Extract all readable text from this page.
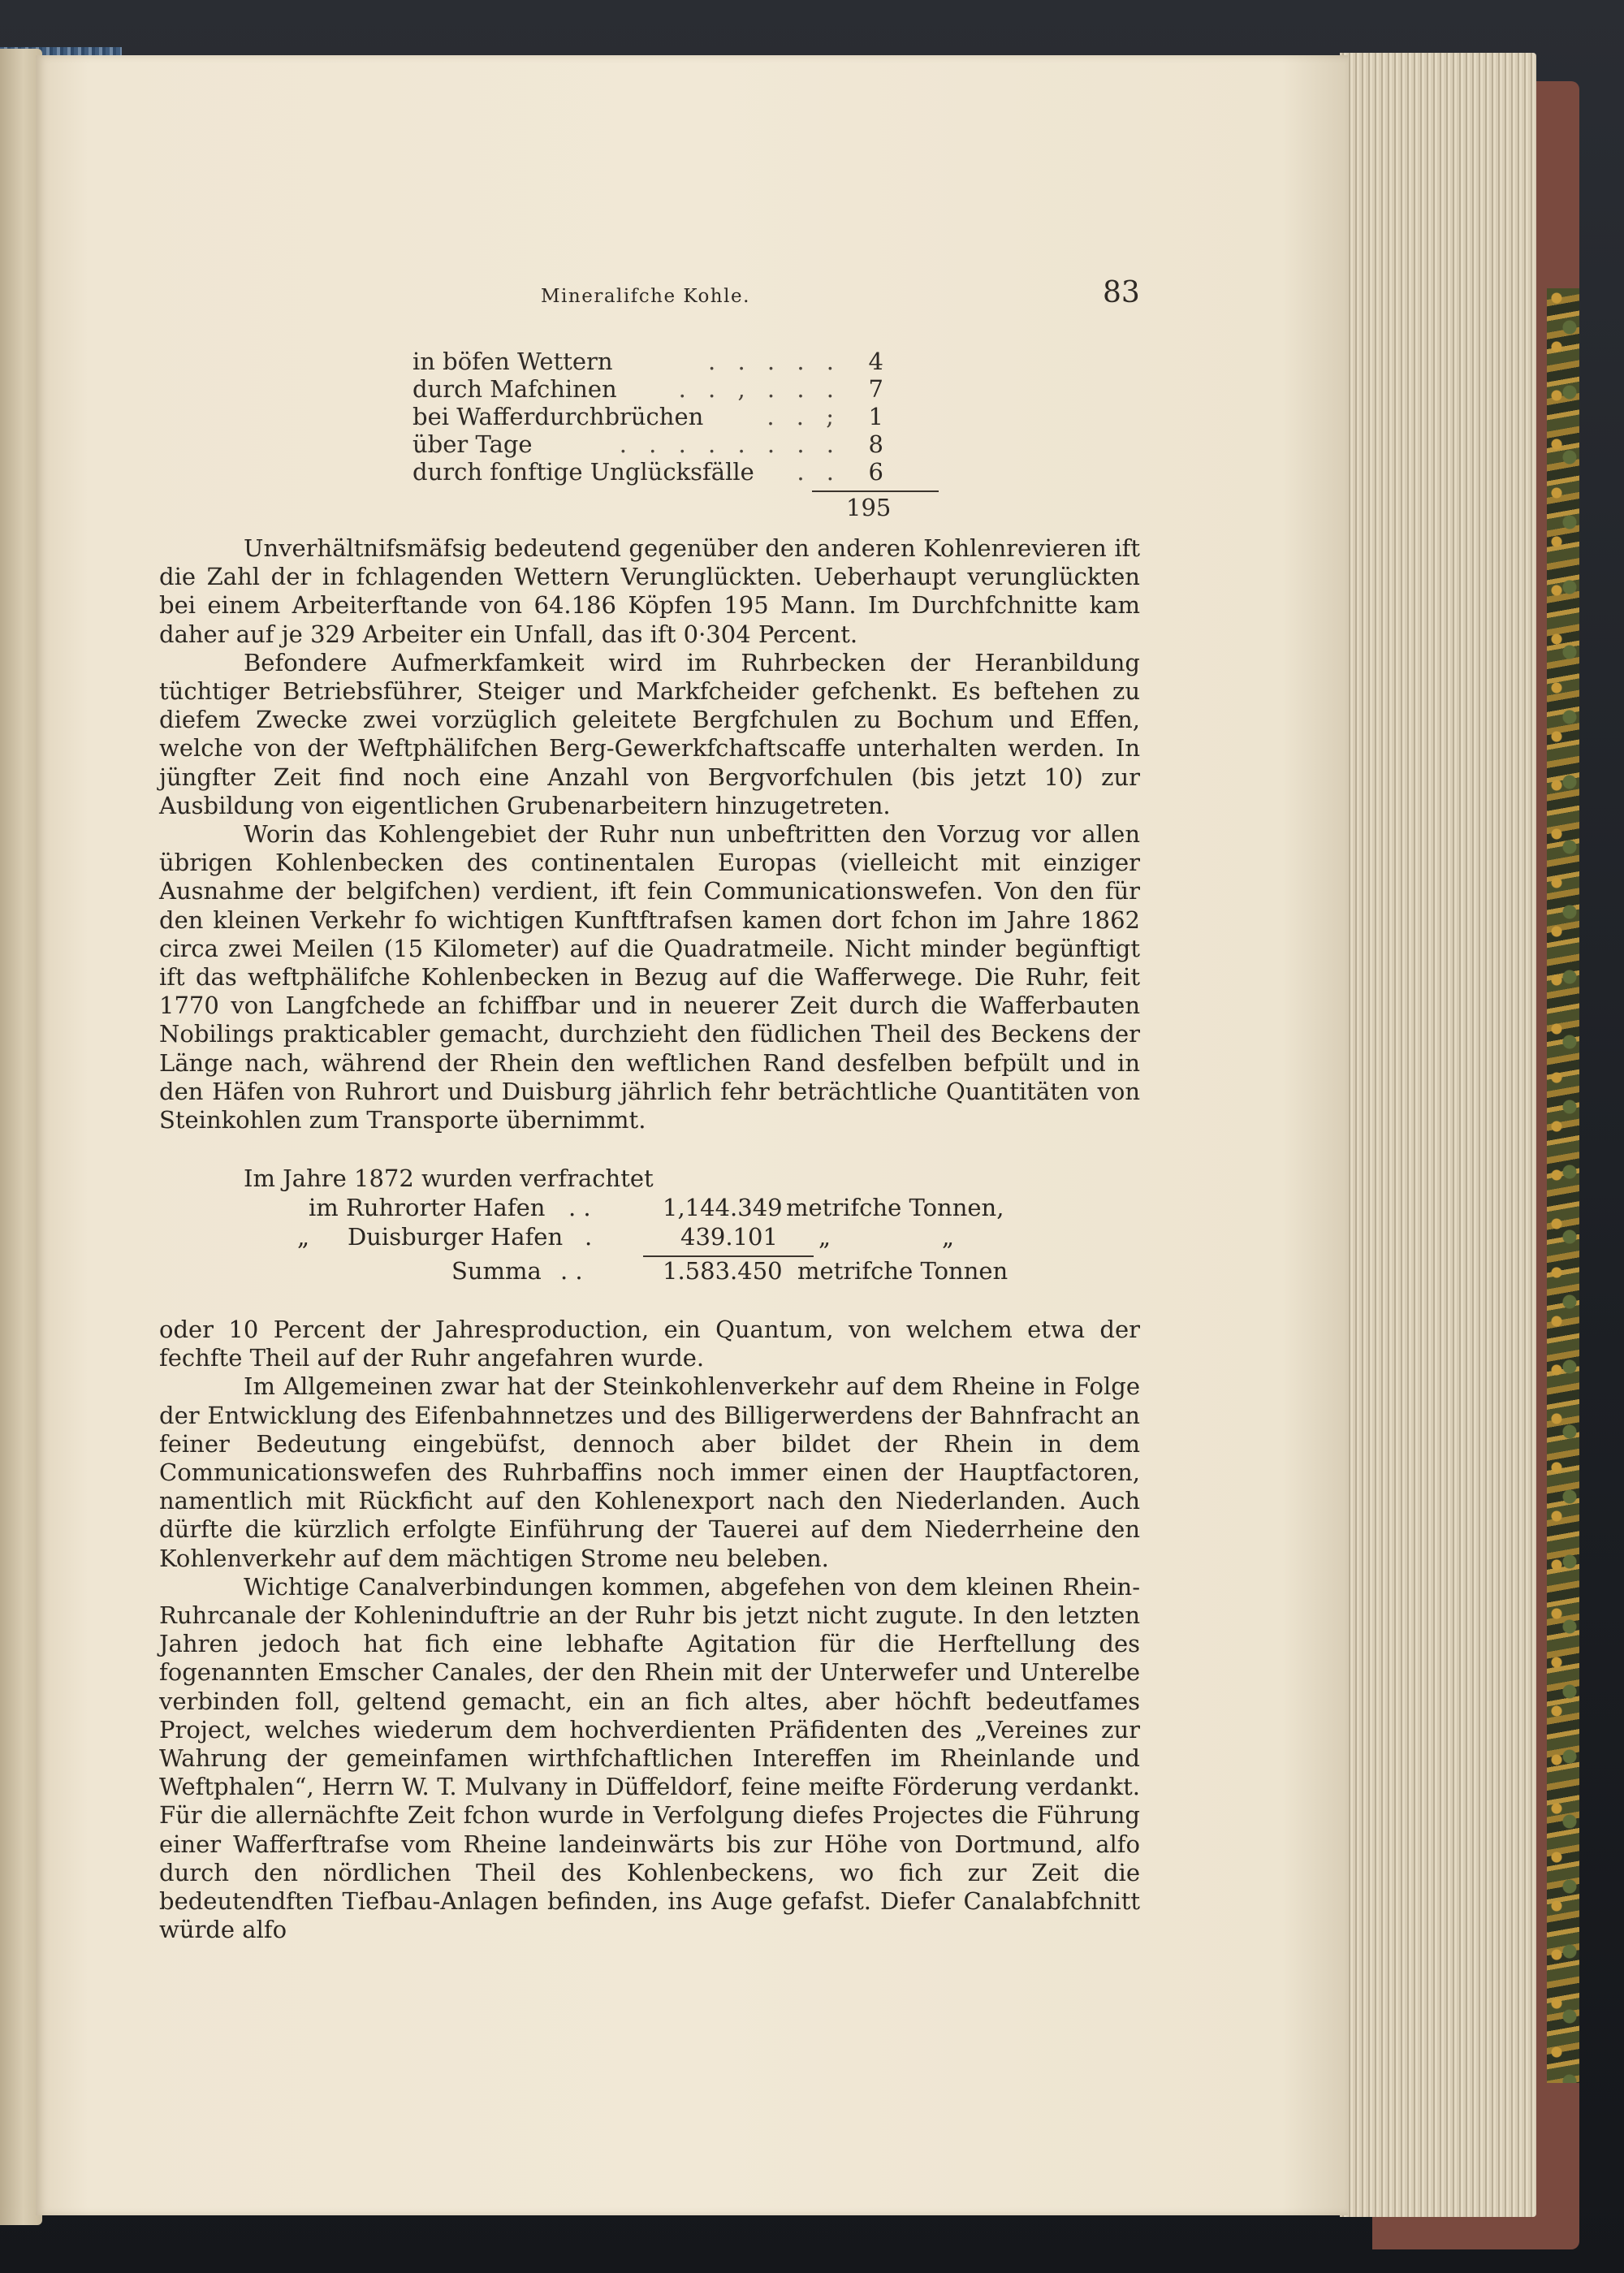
Mineralifche Kohle.	83
in böfen Wettern	. . . . .	4
durch Mafchinen	. . , . . .	7
bei Wafferdurchbrüchen	. . ;	1
über Tage	. . . . . . . .	8
durch fonftige Unglücksfälle	. .	6
195

Unverhältnifsmäfsig bedeutend gegenüber den anderen Kohlenrevieren ift die Zahl der in fchlagenden Wettern Verunglückten. Ueberhaupt verunglückten bei einem Arbeiterftande von 64.186 Köpfen 195 Mann. Im Durchfchnitte kam daher auf je 329 Arbeiter ein Unfall, das ift 0·304 Percent.

Befondere Aufmerkfamkeit wird im Ruhrbecken der Heranbildung tüchtiger Betriebsführer, Steiger und Markfcheider gefchenkt. Es beftehen zu diefem Zwecke zwei vorzüglich geleitete Bergfchulen zu Bochum und Effen, welche von der Weftphälifchen Berg-Gewerkfchaftscaffe unterhalten werden. In jüngfter Zeit find noch eine Anzahl von Bergvorfchulen (bis jetzt 10) zur Ausbildung von eigentlichen Grubenarbeitern hinzugetreten.

Worin das Kohlengebiet der Ruhr nun unbeftritten den Vorzug vor allen übrigen Kohlenbecken des continentalen Europas (vielleicht mit einziger Ausnahme der belgifchen) verdient, ift fein Communicationswefen. Von den für den kleinen Verkehr fo wichtigen Kunftftrafsen kamen dort fchon im Jahre 1862 circa zwei Meilen (15 Kilometer) auf die Quadratmeile. Nicht minder begünftigt ift das weftphälifche Kohlenbecken in Bezug auf die Wafferwege. Die Ruhr, feit 1770 von Langfchede an fchiffbar und in neuerer Zeit durch die Wafferbauten Nobilings prakticabler gemacht, durchzieht den füdlichen Theil des Beckens der Länge nach, während der Rhein den weftlichen Rand desfelben befpült und in den Häfen von Ruhrort und Duisburg jährlich fehr beträchtliche Quantitäten von Steinkohlen zum Transporte übernimmt.

Im Jahre 1872 wurden verfrachtet
im Ruhrorter Hafen . .	1,144.349 metrifche Tonnen,
„ Duisburger Hafen .	439.101 „	„
Summa . .	1.583.450 metrifche Tonnen

oder 10 Percent der Jahresproduction, ein Quantum, von welchem etwa der fechfte Theil auf der Ruhr angefahren wurde.

Im Allgemeinen zwar hat der Steinkohlenverkehr auf dem Rheine in Folge der Entwicklung des Eifenbahnnetzes und des Billigerwerdens der Bahnfracht an feiner Bedeutung eingebüfst, dennoch aber bildet der Rhein in dem Communicationswefen des Ruhrbaffins noch immer einen der Hauptfactoren, namentlich mit Rückficht auf den Kohlenexport nach den Niederlanden. Auch dürfte die kürzlich erfolgte Einführung der Tauerei auf dem Niederrheine den Kohlenverkehr auf dem mächtigen Strome neu beleben.

Wichtige Canalverbindungen kommen, abgefehen von dem kleinen Rhein-Ruhrcanale der Kohleninduftrie an der Ruhr bis jetzt nicht zugute. In den letzten Jahren jedoch hat fich eine lebhafte Agitation für die Herftellung des fogenannten Emscher Canales, der den Rhein mit der Unterwefer und Unterelbe verbinden foll, geltend gemacht, ein an fich altes, aber höchft bedeutfames Project, welches wiederum dem hochverdienten Präfidenten des „Vereines zur Wahrung der gemeinfamen wirthfchaftlichen Intereffen im Rheinlande und Weftphalen“, Herrn W. T. Mulvany in Düffeldorf, feine meifte Förderung verdankt. Für die allernächfte Zeit fchon wurde in Verfolgung diefes Projectes die Führung einer Wafferftrafse vom Rheine landeinwärts bis zur Höhe von Dortmund, alfo durch den nördlichen Theil des Kohlenbeckens, wo fich zur Zeit die bedeutendften Tiefbau-Anlagen befinden, ins Auge gefafst. Diefer Canalabfchnitt würde alfo
